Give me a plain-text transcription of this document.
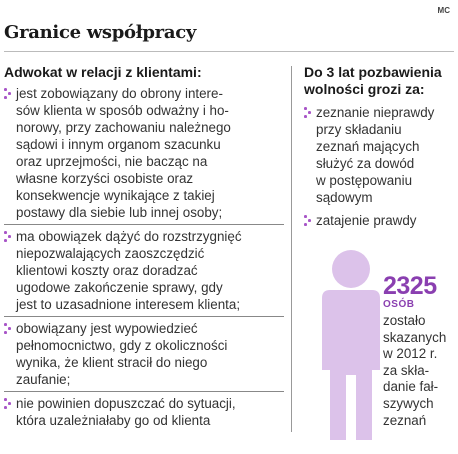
MC
Granice współpracy
Adwokat w relacji z klientami:
jest zobowiązany do obrony intere-
sów klienta w sposób odważny i ho-
norowy, przy zachowaniu należnego
sądowi i innym organom szacunku
oraz uprzejmości, nie bacząc na
własne korzyści osobiste oraz
konsekwencje wynikające z takiej
postawy dla siebie lub innej osoby;
ma obowiązek dążyć do rozstrzygnięć
niepozwalających zaoszczędzić
klientowi koszty oraz doradzać
ugodowe zakończenie sprawy, gdy
jest to uzasadnione interesem klienta;
obowiązany jest wypowiedzieć
pełnomocnictwo, gdy z okoliczności
wynika, że klient stracił do niego
zaufanie;
nie powinien dopuszczać do sytuacji,
która uzależniałaby go od klienta
Do 3 lat pozbawienia
wolności grozi za:
zeznanie nieprawdy
przy składaniu
zeznań mających
służyć za dowód
w postępowaniu
sądowym
zatajenie prawdy
2325
OSÓB
zostało
skazanych
w 2012 r.
za skła-
danie fał-
szywych
zeznań
